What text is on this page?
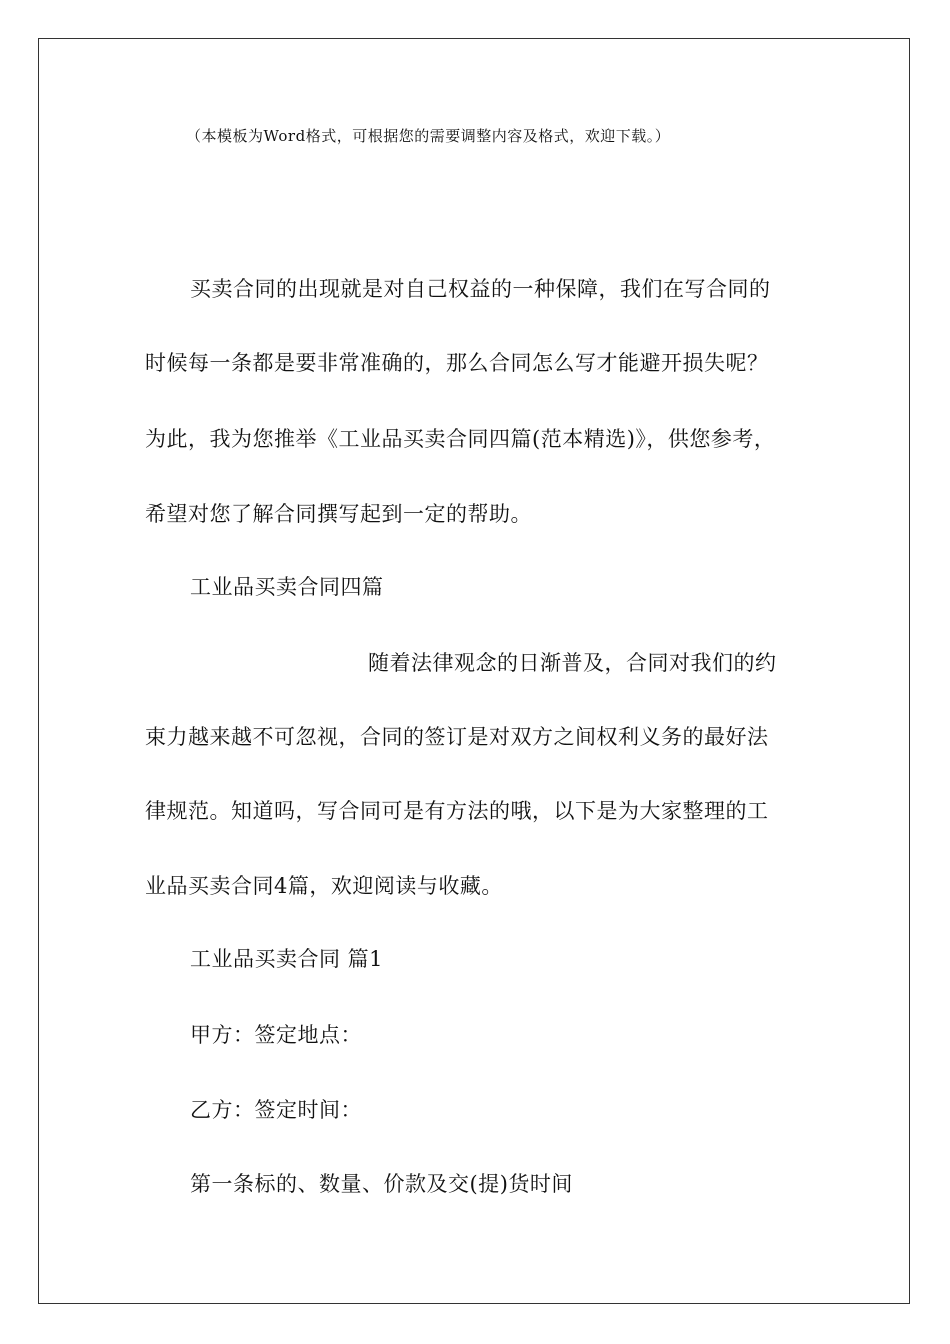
（本模板为Word格式，可根据您的需要调整内容及格式，欢迎下载。）
买卖合同的出现就是对自己权益的一种保障，我们在写合同的
时候每一条都是要非常准确的，那么合同怎么写才能避开损失呢？
为此，我为您推举《工业品买卖合同四篇(范本精选)》，供您参考，
希望对您了解合同撰写起到一定的帮助。
工业品买卖合同四篇
随着法律观念的日渐普及，合同对我们的约
束力越来越不可忽视，合同的签订是对双方之间权利义务的最好法
律规范。知道吗，写合同可是有方法的哦，以下是为大家整理的工
业品买卖合同4篇，欢迎阅读与收藏。
工业品买卖合同 篇1
甲方：签定地点：
乙方：签定时间：
第一条标的、数量、价款及交(提)货时间
